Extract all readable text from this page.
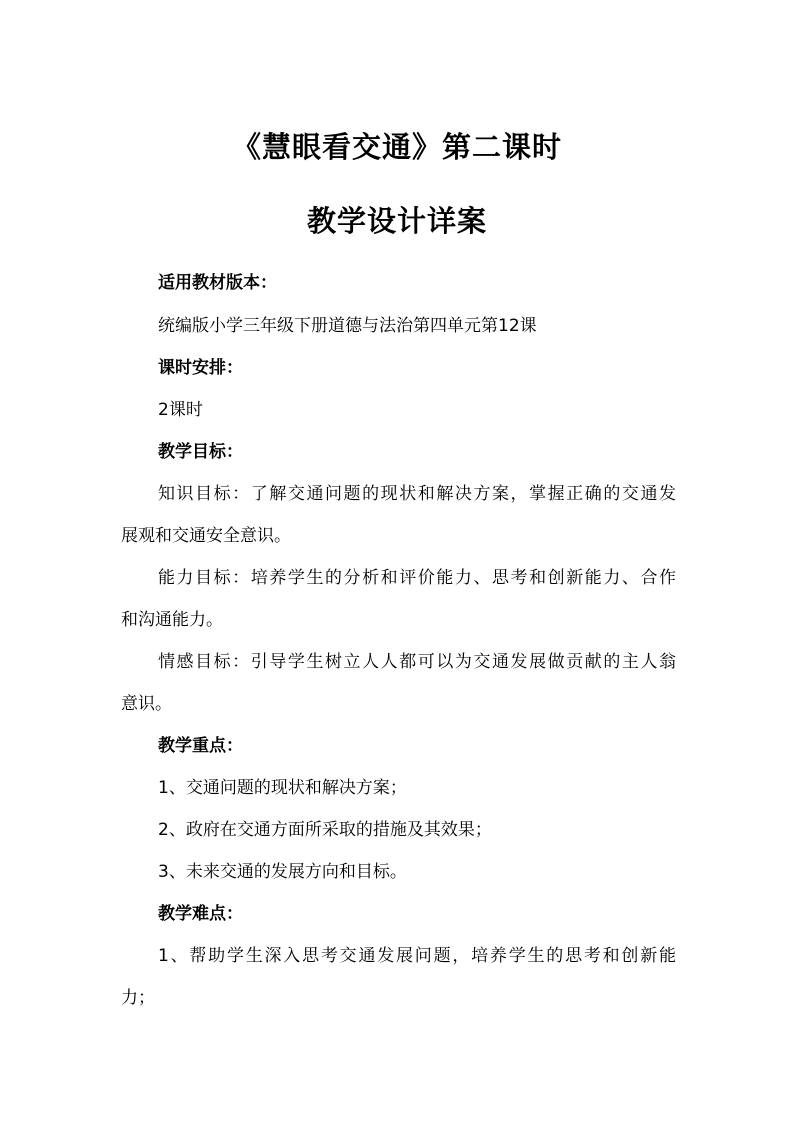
《慧眼看交通》第二课时
教学设计详案
适用教材版本：
统编版小学三年级下册道德与法治第四单元第12课
课时安排：
2课时
教学目标：
知识目标：了解交通问题的现状和解决方案，掌握正确的交通发
展观和交通安全意识。
能力目标：培养学生的分析和评价能力、思考和创新能力、合作
和沟通能力。
情感目标：引导学生树立人人都可以为交通发展做贡献的主人翁
意识。
教学重点：
1、交通问题的现状和解决方案；
2、政府在交通方面所采取的措施及其效果；
3、未来交通的发展方向和目标。
教学难点：
1、帮助学生深入思考交通发展问题，培养学生的思考和创新能
力；
